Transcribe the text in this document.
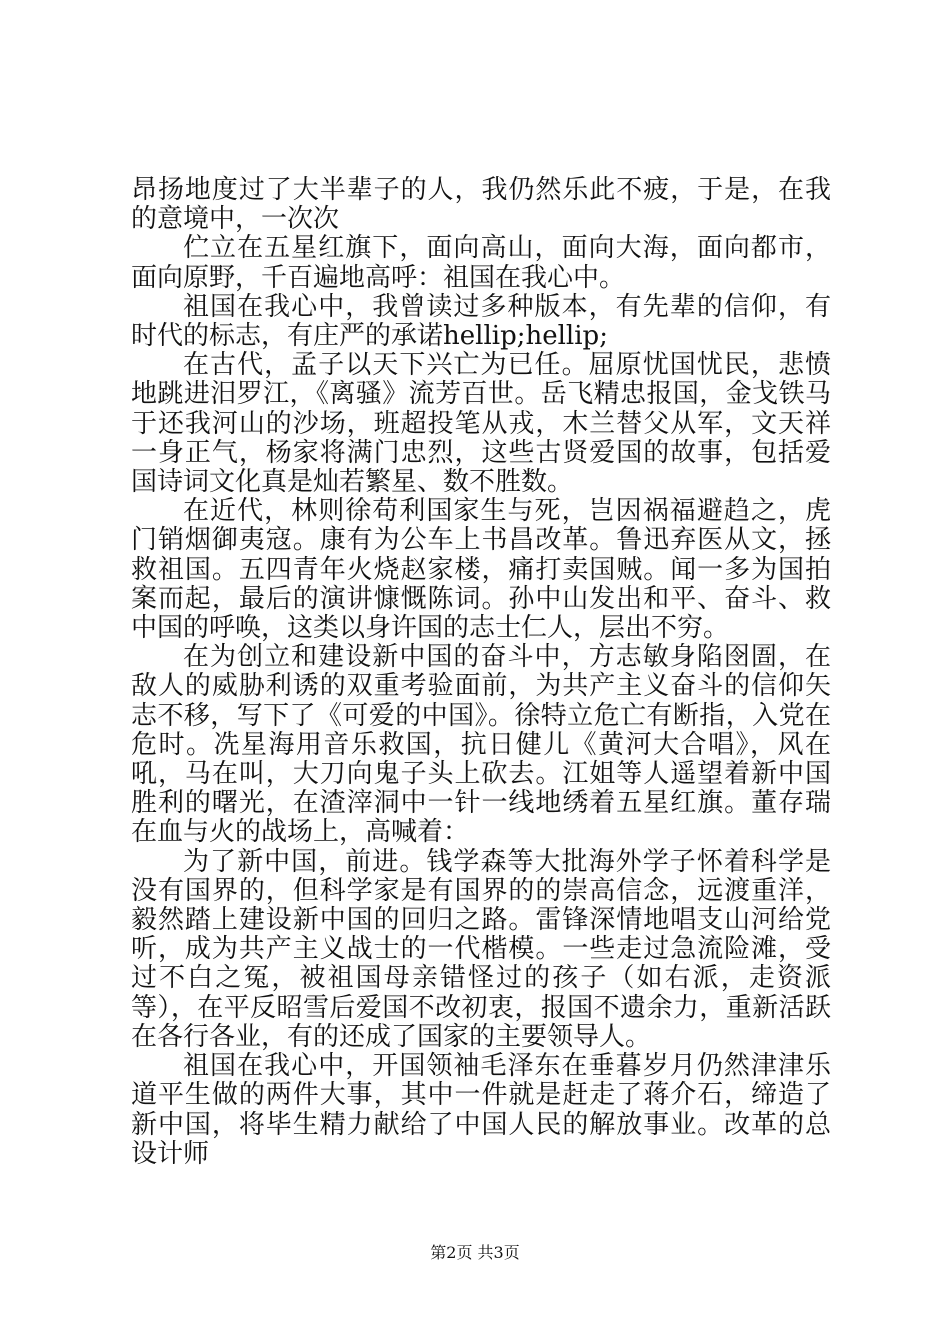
昂扬地度过了大半辈子的人，我仍然乐此不疲，于是，在我的意境中，一次次

伫立在五星红旗下，面向高山，面向大海，面向都市，面向原野，千百遍地高呼：祖国在我心中。

祖国在我心中，我曾读过多种版本，有先辈的信仰，有时代的标志，有庄严的承诺hellip;hellip;

在古代，孟子以天下兴亡为已任。屈原忧国忧民，悲愤地跳进汨罗江，《离骚》流芳百世。岳飞精忠报国，金戈铁马于还我河山的沙场，班超投笔从戎，木兰替父从军，文天祥一身正气，杨家将满门忠烈，这些古贤爱国的故事，包括爱国诗词文化真是灿若繁星、数不胜数。

在近代，林则徐苟利国家生与死，岂因祸福避趋之，虎门销烟御夷寇。康有为公车上书昌改革。鲁迅弃医从文，拯救祖国。五四青年火烧赵家楼，痛打卖国贼。闻一多为国拍案而起，最后的演讲慷慨陈词。孙中山发出和平、奋斗、救中国的呼唤，这类以身许国的志士仁人，层出不穷。

在为创立和建设新中国的奋斗中，方志敏身陷囹圄，在敌人的威胁利诱的双重考验面前，为共产主义奋斗的信仰矢志不移，写下了《可爱的中国》。徐特立危亡有断指，入党在危时。冼星海用音乐救国，抗日健儿《黄河大合唱》，风在吼，马在叫，大刀向鬼子头上砍去。江姐等人遥望着新中国胜利的曙光，在渣滓洞中一针一线地绣着五星红旗。董存瑞在血与火的战场上，高喊着：

为了新中国，前进。钱学森等大批海外学子怀着科学是没有国界的，但科学家是有国界的的崇高信念，远渡重洋，毅然踏上建设新中国的回归之路。雷锋深情地唱支山河给党听，成为共产主义战士的一代楷模。一些走过急流险滩，受过不白之冤，被祖国母亲错怪过的孩子（如右派，走资派等），在平反昭雪后爱国不改初衷，报国不遗余力，重新活跃在各行各业，有的还成了国家的主要领导人。

祖国在我心中，开国领袖毛泽东在垂暮岁月仍然津津乐道平生做的两件大事，其中一件就是赶走了蒋介石，缔造了新中国，将毕生精力献给了中国人民的解放事业。改革的总设计师

第2页 共3页
